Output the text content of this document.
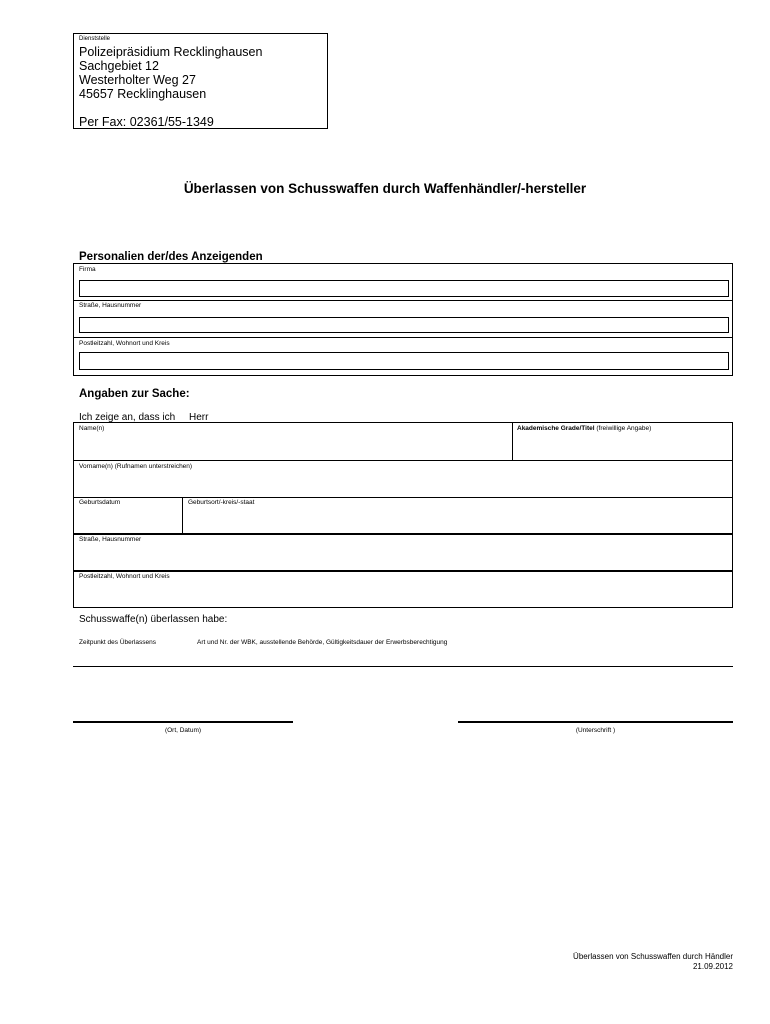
Dienststelle
Polizeipräsidium Recklinghausen
Sachgebiet 12
Westerholter Weg 27
45657 Recklinghausen
Per Fax: 02361/55-1349
Überlassen von Schusswaffen durch Waffenhändler/-hersteller
Personalien der/des Anzeigenden
Firma
Straße, Hausnummer
Postleitzahl, Wohnort und Kreis
Angaben zur Sache:
Ich zeige an, dass ich Herr
Name(n)	Akademische Grade/Titel (freiwillige Angabe)
Vorname(n) (Rufnamen unterstreichen)
Geburtsdatum	Geburtsort/-kreis/-staat
Straße, Hausnummer
Postleitzahl, Wohnort und Kreis
Schusswaffe(n) überlassen habe:
Zeitpunkt des Überlassens	Art und Nr. der WBK, ausstellende Behörde, Gültigkeitsdauer der Erwerbsberechtigung
(Ort, Datum)	(Unterschrift )
Überlassen von Schusswaffen durch Händler
21.09.2012
